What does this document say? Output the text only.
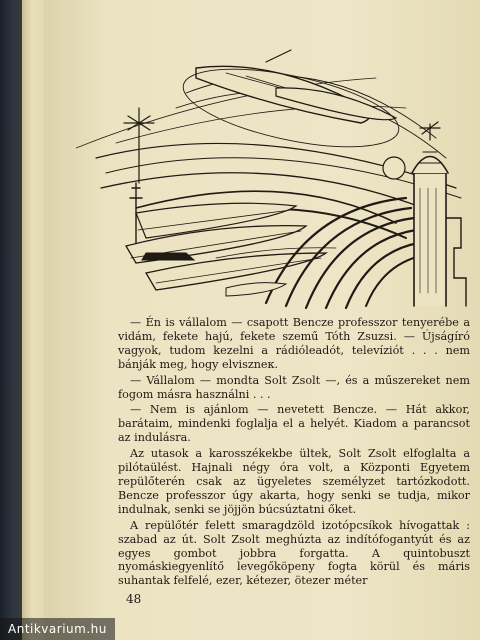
— Én is vállalom — csapott Bencze professzor tenyerébe a vidám, fekete hajú, fekete szemű Tóth Zsuzsi. — Újságíró vagyok, tudom kezelni a rádióleadót, televíziót . . . nem bánják meg, hogy elviszneк.

— Vállalom — mondta Solt Zsolt —, és a műszereket nem fogom másra használni . . .

— Nem is ajánlom — nevetett Bencze. — Hát akkor, barátaim, mindenki foglalja el a helyét. Kiadom a parancsot az indulásra.

Az utasok a karosszékekbe ültek, Solt Zsolt elfoglalta a pilótaülést. Hajnali négy óra volt, a Központi Egyetem repülőterén csak az ügyeletes személyzet tartózkodott. Bencze professzor úgy akarta, hogy senki se tudja, mikor indulnak, senki se jöjjön búcsúztatni őket.

A repülőtér felett smaragdzöld izotópcsíkok hívogattak : szabad az út. Solt Zsolt meghúzta az indítófogantyút és az egyes gombot jobbra forgatta. A quintobuszt nyomáskiegyenlítő levegőköpeny fogta körül és máris suhantak felfelé, ezer, kétezer, ötezer méter

48
Antikvarium.hu
